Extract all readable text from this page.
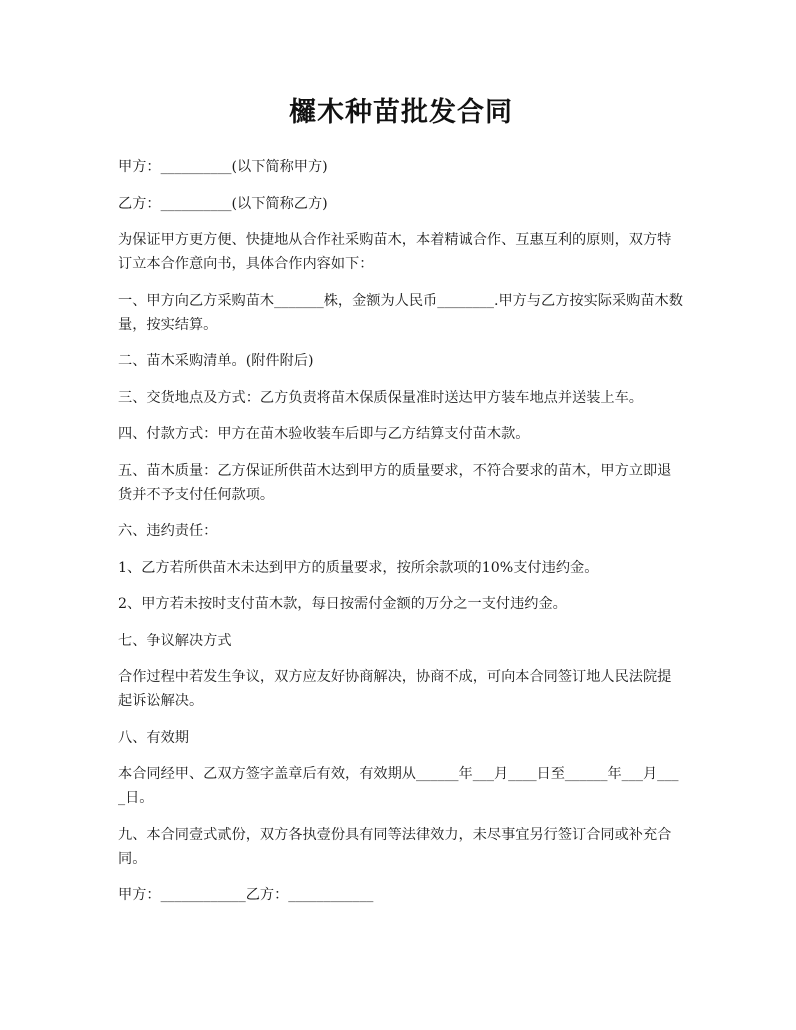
欏木种苗批发合同

甲方：__________(以下简称甲方)

乙方：__________(以下简称乙方)

为保证甲方更方便、快捷地从合作社采购苗木，本着精诚合作、互惠互利的原则，双方特订立本合作意向书，具体合作内容如下：

一、甲方向乙方采购苗木_______株，金额为人民币________.甲方与乙方按实际采购苗木数量，按实结算。

二、苗木采购清单。(附件附后)

三、交货地点及方式：乙方负责将苗木保质保量准时送达甲方装车地点并送装上车。

四、付款方式：甲方在苗木验收装车后即与乙方结算支付苗木款。

五、苗木质量：乙方保证所供苗木达到甲方的质量要求，不符合要求的苗木，甲方立即退货并不予支付任何款项。

六、违约责任：

1、乙方若所供苗木未达到甲方的质量要求，按所余款项的10%支付违约金。

2、甲方若未按时支付苗木款，每日按需付金额的万分之一支付违约金。

七、争议解决方式

合作过程中若发生争议，双方应友好协商解决，协商不成，可向本合同签订地人民法院提起诉讼解决。

八、有效期

本合同经甲、乙双方签字盖章后有效，有效期从______年___月____日至______年___月____日。

九、本合同壹式贰份，双方各执壹份具有同等法律效力，未尽事宜另行签订合同或补充合同。

甲方：____________乙方：____________
